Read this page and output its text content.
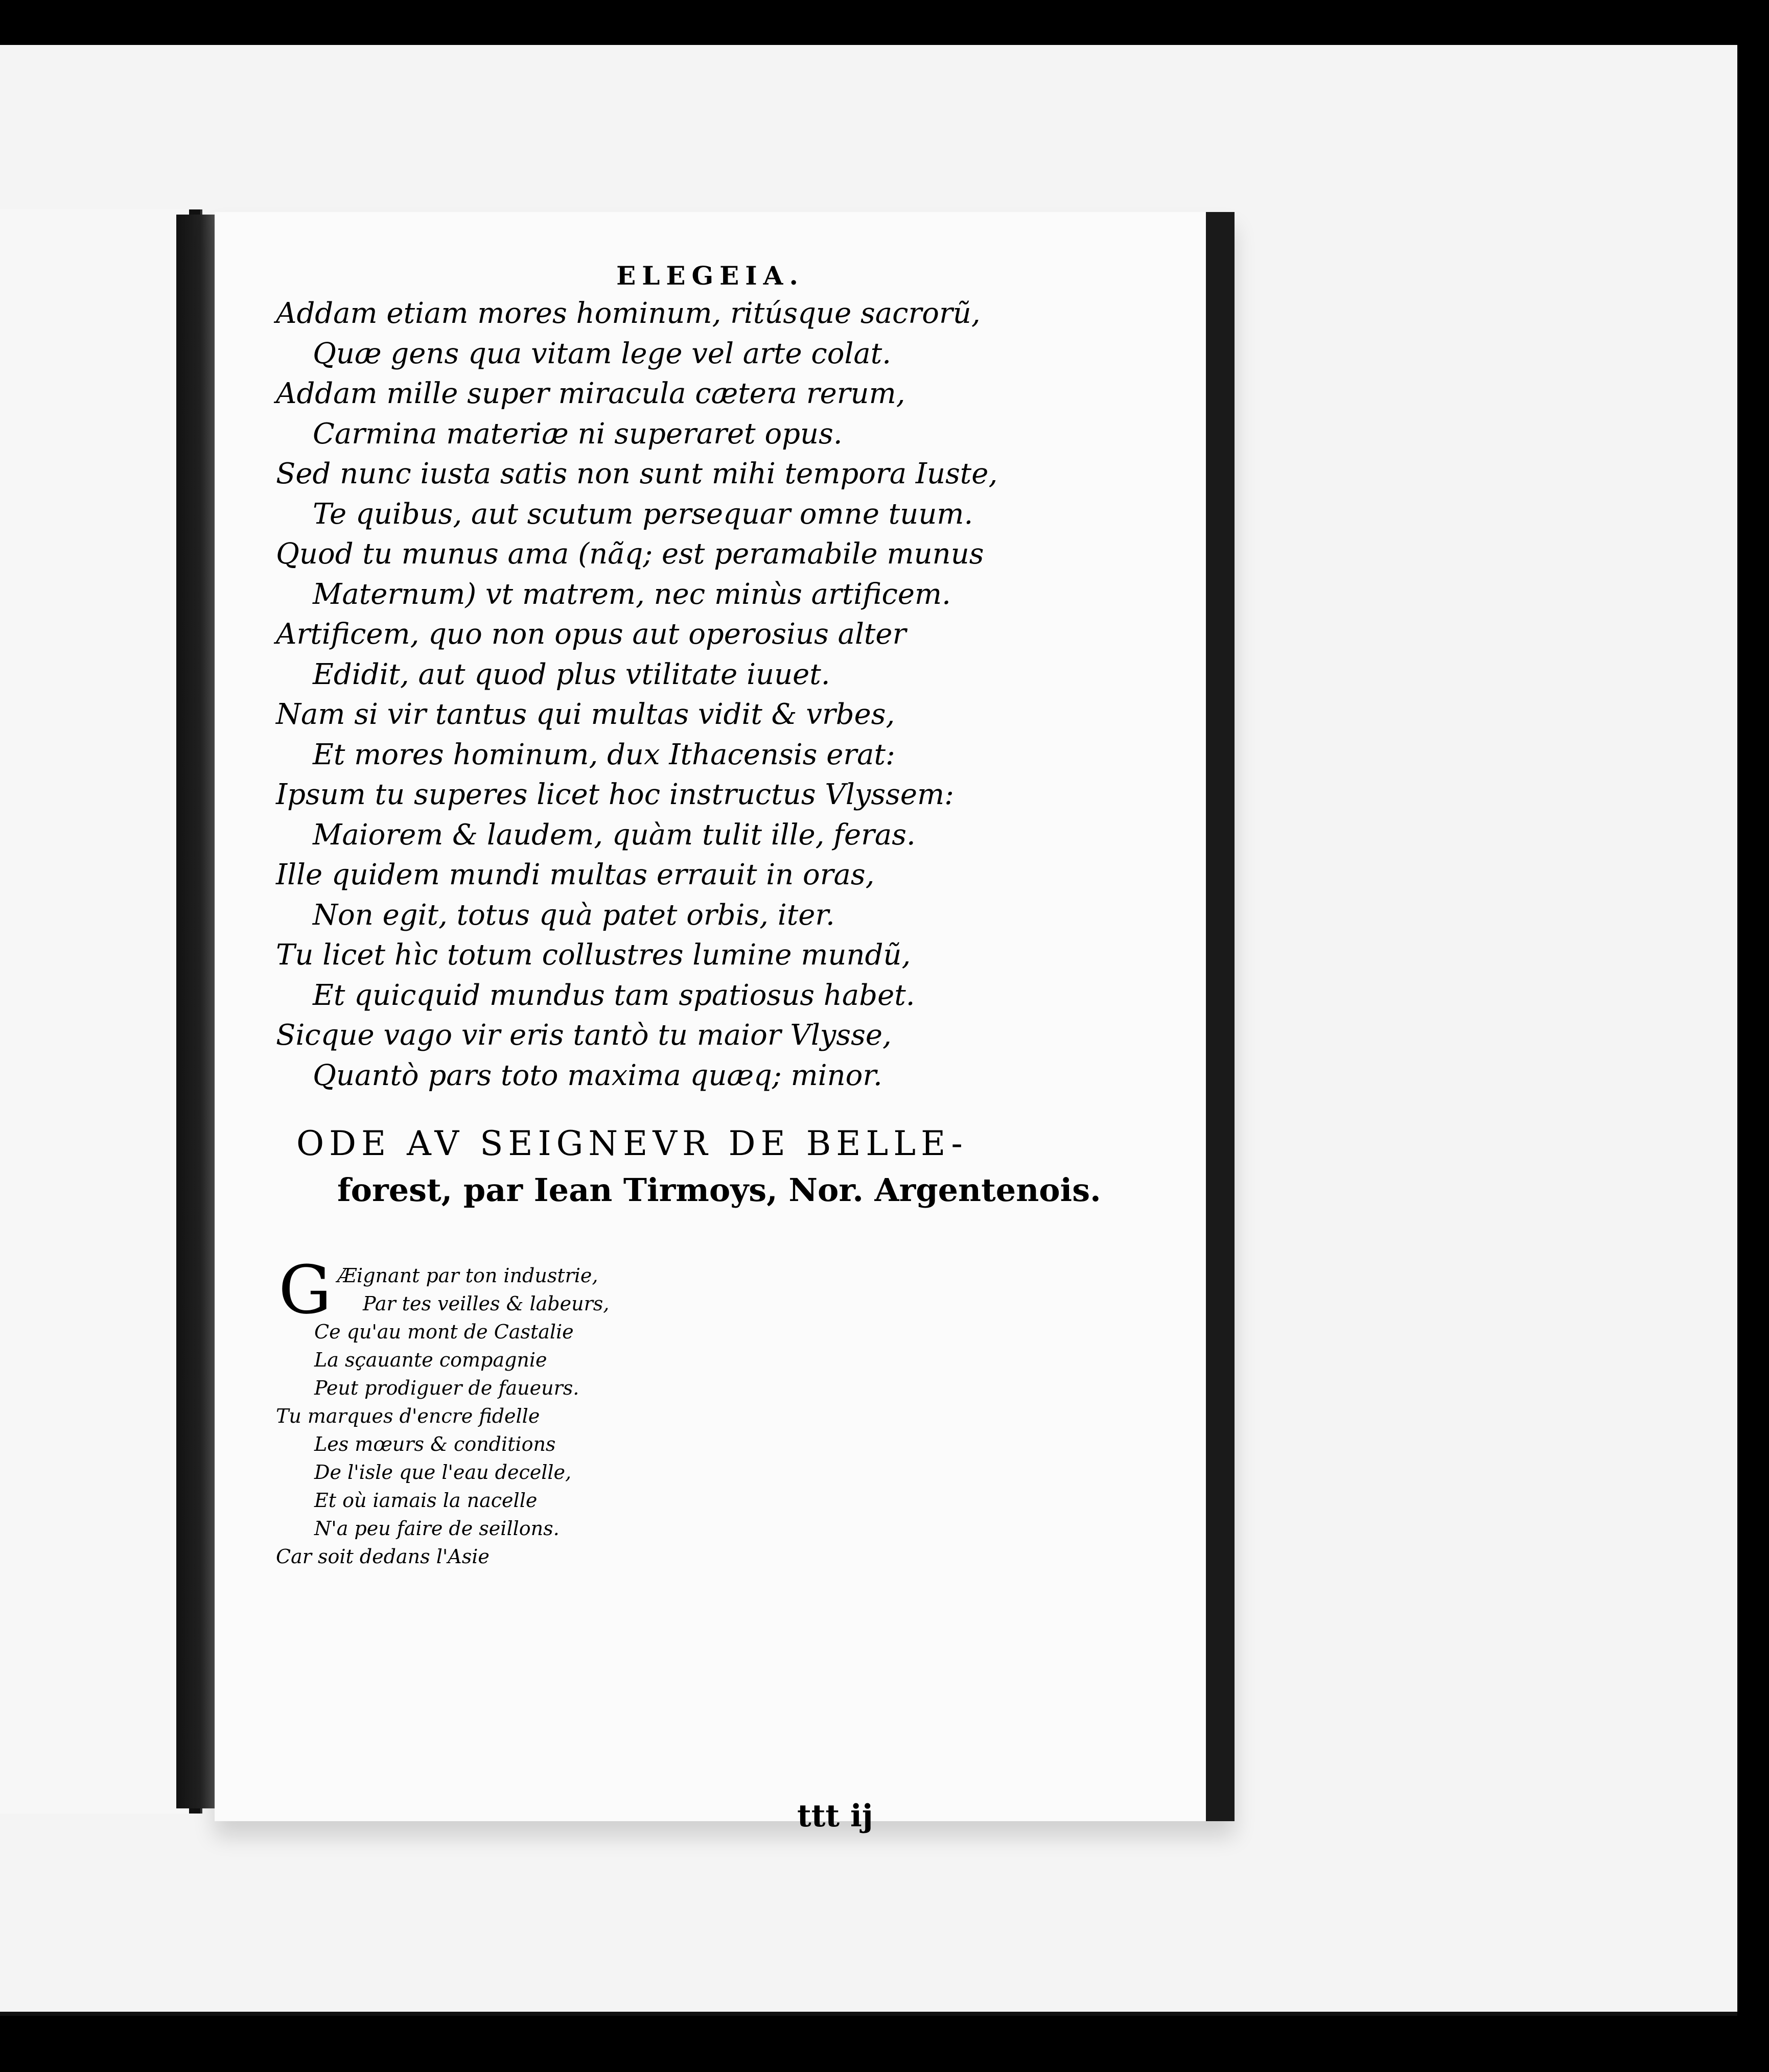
ELEGEIA.
Addam etiam mores hominum, ritúsque sacrorũ,
Quæ gens qua vitam lege vel arte colat.
Addam mille super miracula cætera rerum,
Carmina materiæ ni superaret opus.
Sed nunc iusta satis non sunt mihi tempora Iuste,
Te quibus, aut scutum persequar omne tuum.
Quod tu munus ama (nãq; est peramabile munus
Maternum) vt matrem, nec minùs artificem.
Artificem, quo non opus aut operosius alter
Edidit, aut quod plus vtilitate iuuet.
Nam si vir tantus qui multas vidit & vrbes,
Et mores hominum, dux Ithacensis erat:
Ipsum tu superes licet hoc instructus Vlyssem:
Maiorem & laudem, quàm tulit ille, feras.
Ille quidem mundi multas errauit in oras,
Non egit, totus quà patet orbis, iter.
Tu licet hìc totum collustres lumine mundũ,
Et quicquid mundus tam spatiosus habet.
Sicque vago vir eris tantò tu maior Vlysse,
Quantò pars toto maxima quæq; minor.
ODE AV SEIGNEVR DE BELLE-
forest, par Iean Tirmoys, Nor. Argentenois.
G Æignant par ton industrie,
Par tes veilles & labeurs,
Ce qu'au mont de Castalie
La sçauante compagnie
Peut prodiguer de faueurs.
Tu marques d'encre fidelle
Les mœurs & conditions
De l'isle que l'eau decelle,
Et où iamais la nacelle
N'a peu faire de seillons.
Car soit dedans l'Asie
ttt ij
